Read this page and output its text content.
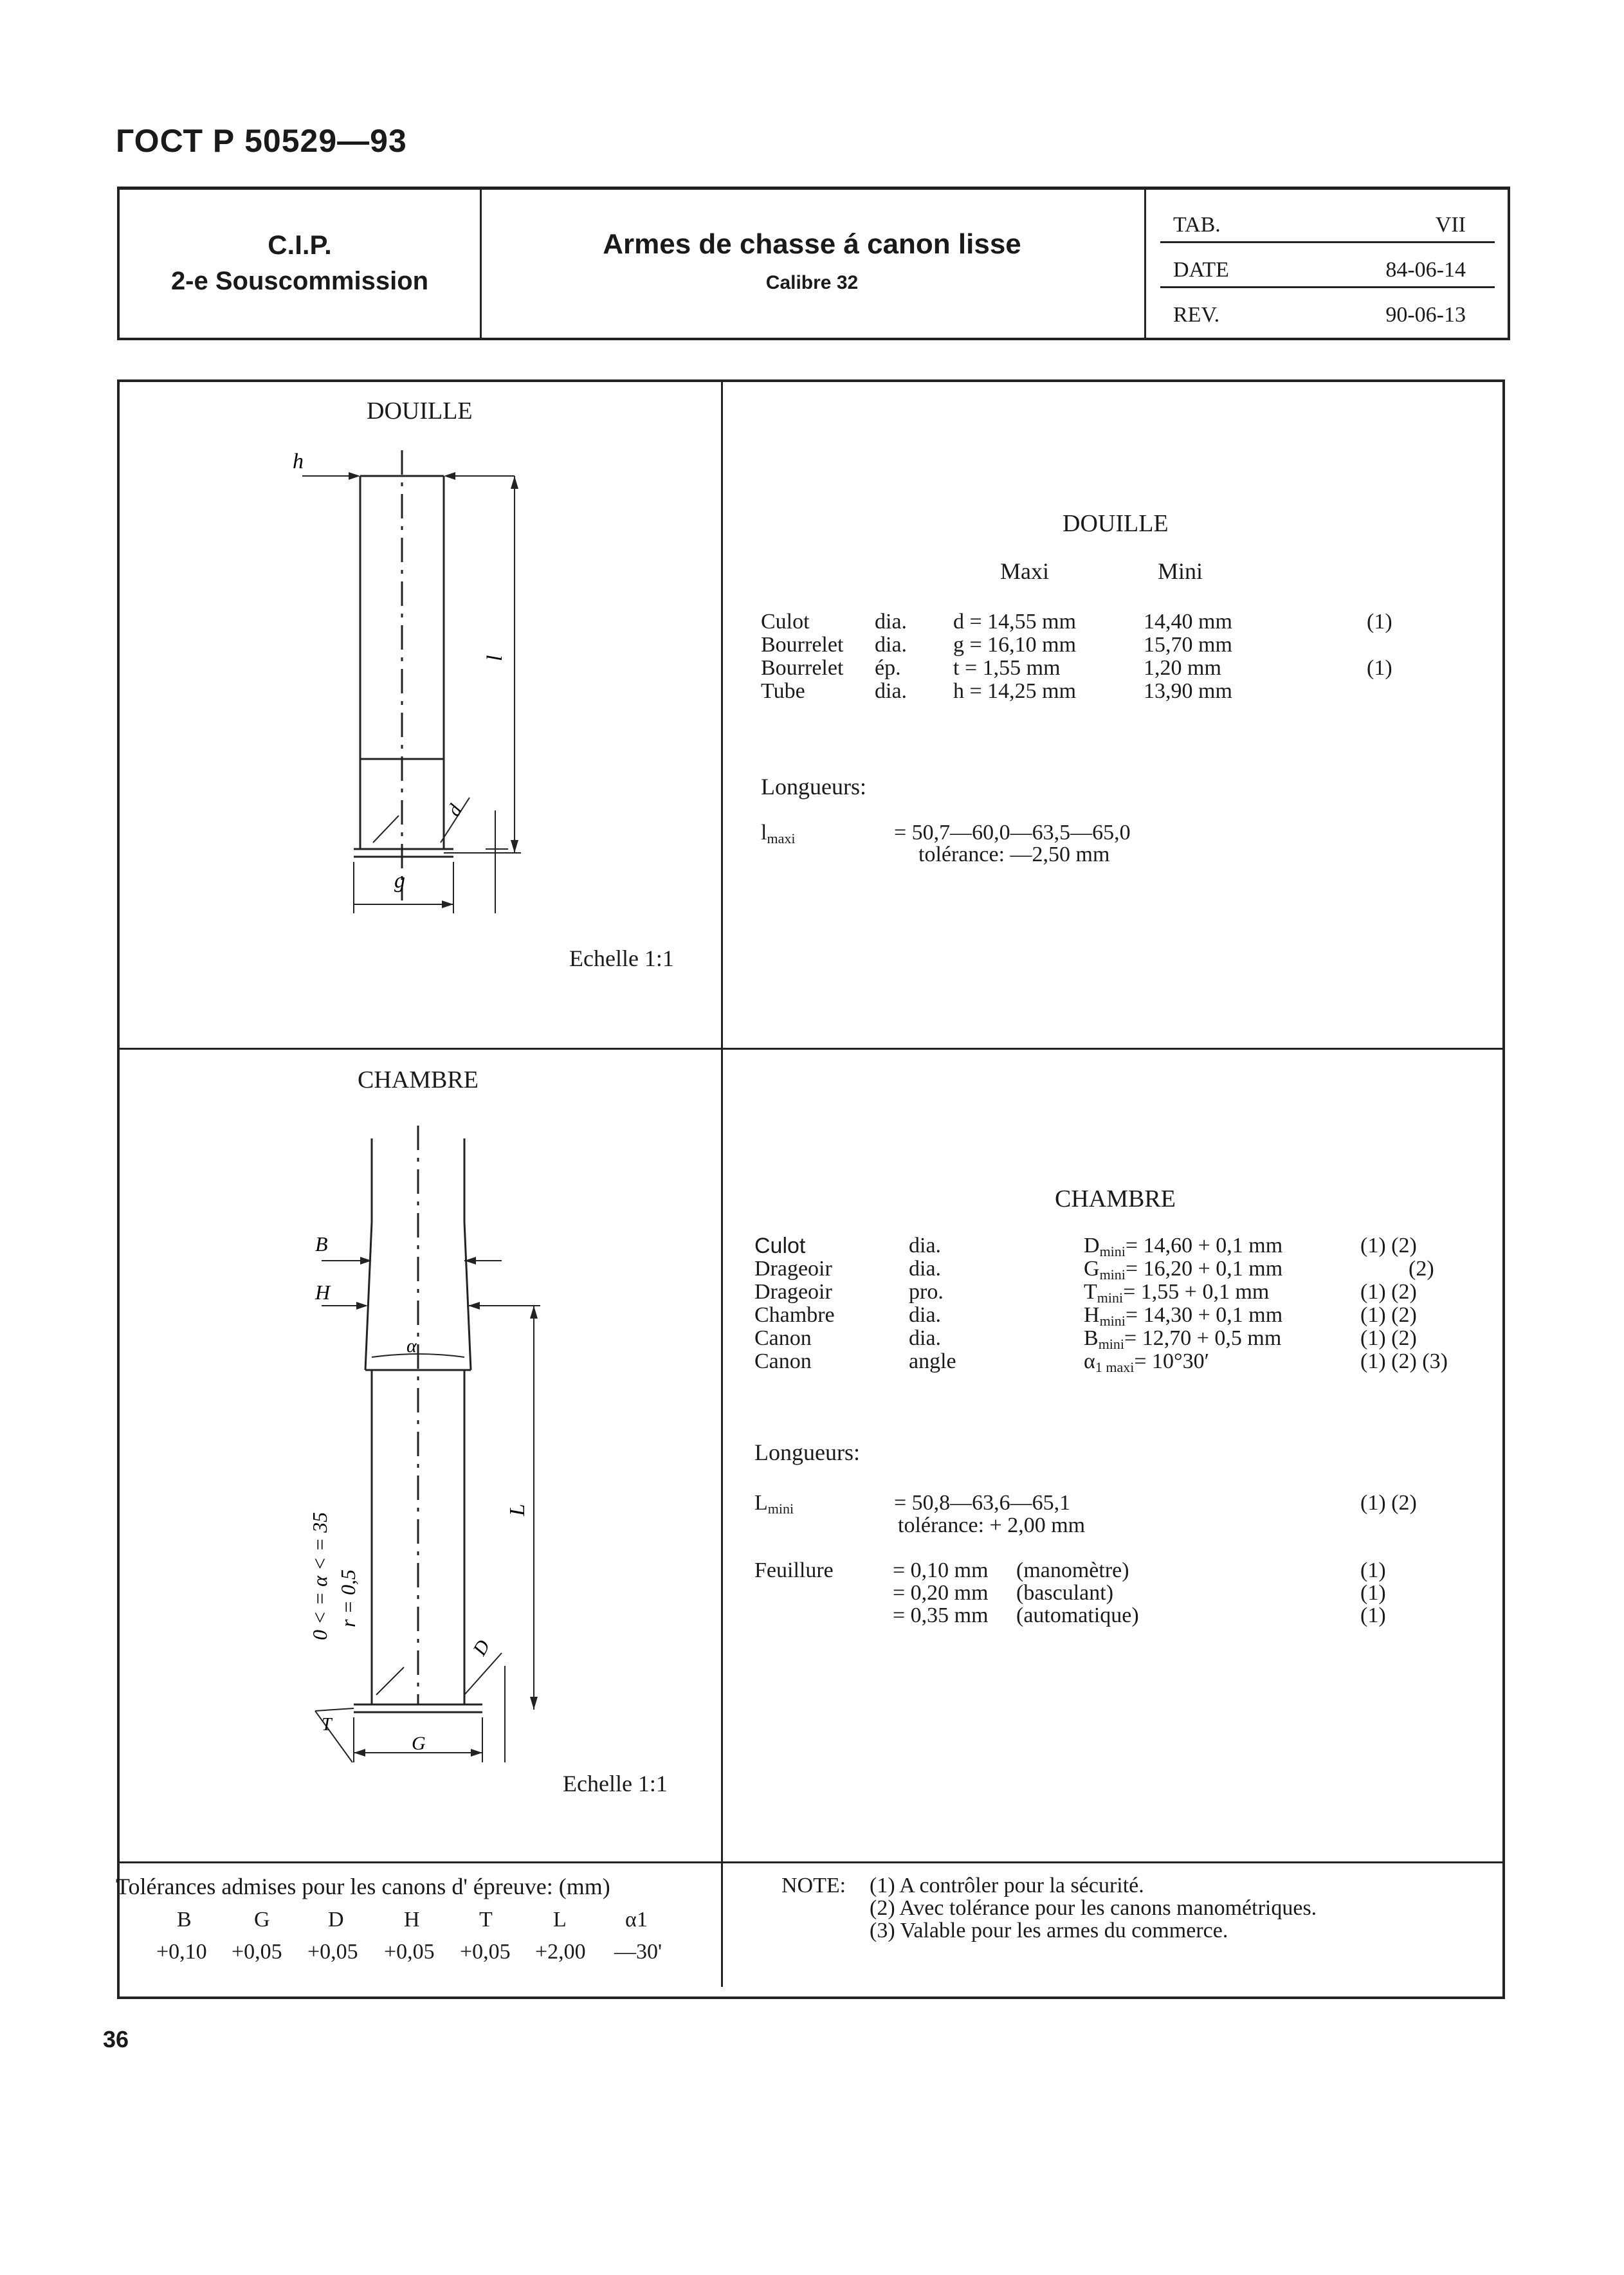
ГОСТ Р 50529—93
C.I.P.
2-e Souscommission
Armes de chasse á canon lisse
Calibre 32
TAB.	VII
DATE	84-06-14
REV.	90-06-13
DOUILLE
h
l
d
g
Echelle 1:1
DOUILLE
Maxi	Mini
Culot	dia. d = 14,55 mm	14,40 mm	(1)
Bourrelet dia. g = 16,10 mm	15,70 mm
Bourrelet ép. t = 1,55 mm	1,20 mm	(1)
Tube	dia. h = 14,25 mm	13,90 mm
Longueurs:
$l_{maxi}$	= 50,7—60,0—63,5—65,0
tolérance: —2,50 mm
CHAMBRE
B
H
α
L
D
G
T
0 < = α < = 35 r = 0,5
Echelle 1:1
CHAMBRE
Culot	dia.	$D_{mini}= 14,60 + 0,1$ mm	(1) (2)
Drageoir	dia.	$G_{mini}= 16,20 + 0,1$ mm	(2)
Drageoir	pro.	$T_{mini}= 1,55 + 0,1$ mm	(1) (2)
Chambre	dia.	$H_{mini}= 14,30 + 0,1$ mm	(1) (2)
Canon	dia.	$B_{mini}= 12,70 + 0,5$ mm	(1) (2)
Canon	angle	$\alpha_{1 maxi}= 10^\circ 30'$	(1) (2) (3)
Longueurs:
$L_{mini}$	= 50,8—63,6—65,1
tolérance: + 2,00 mm
(1) (2)
Feuillure	= 0,10 mm (manomètre)	(1)
= 0,20 mm (basculant)	(1)
= 0,35 mm (automatique)	(1)
Tolérances admises pour les canons d' épreuve: (mm)
B	G	D	H	T	L	α1
+0,10 +0,05 +0,05 +0,05 +0,05 +2,00 —30'
NOTE: (1) A contrôler pour la sécurité.
(2) Avec tolérance pour les canons manométriques.
(3) Valable pour les armes du commerce.
36
